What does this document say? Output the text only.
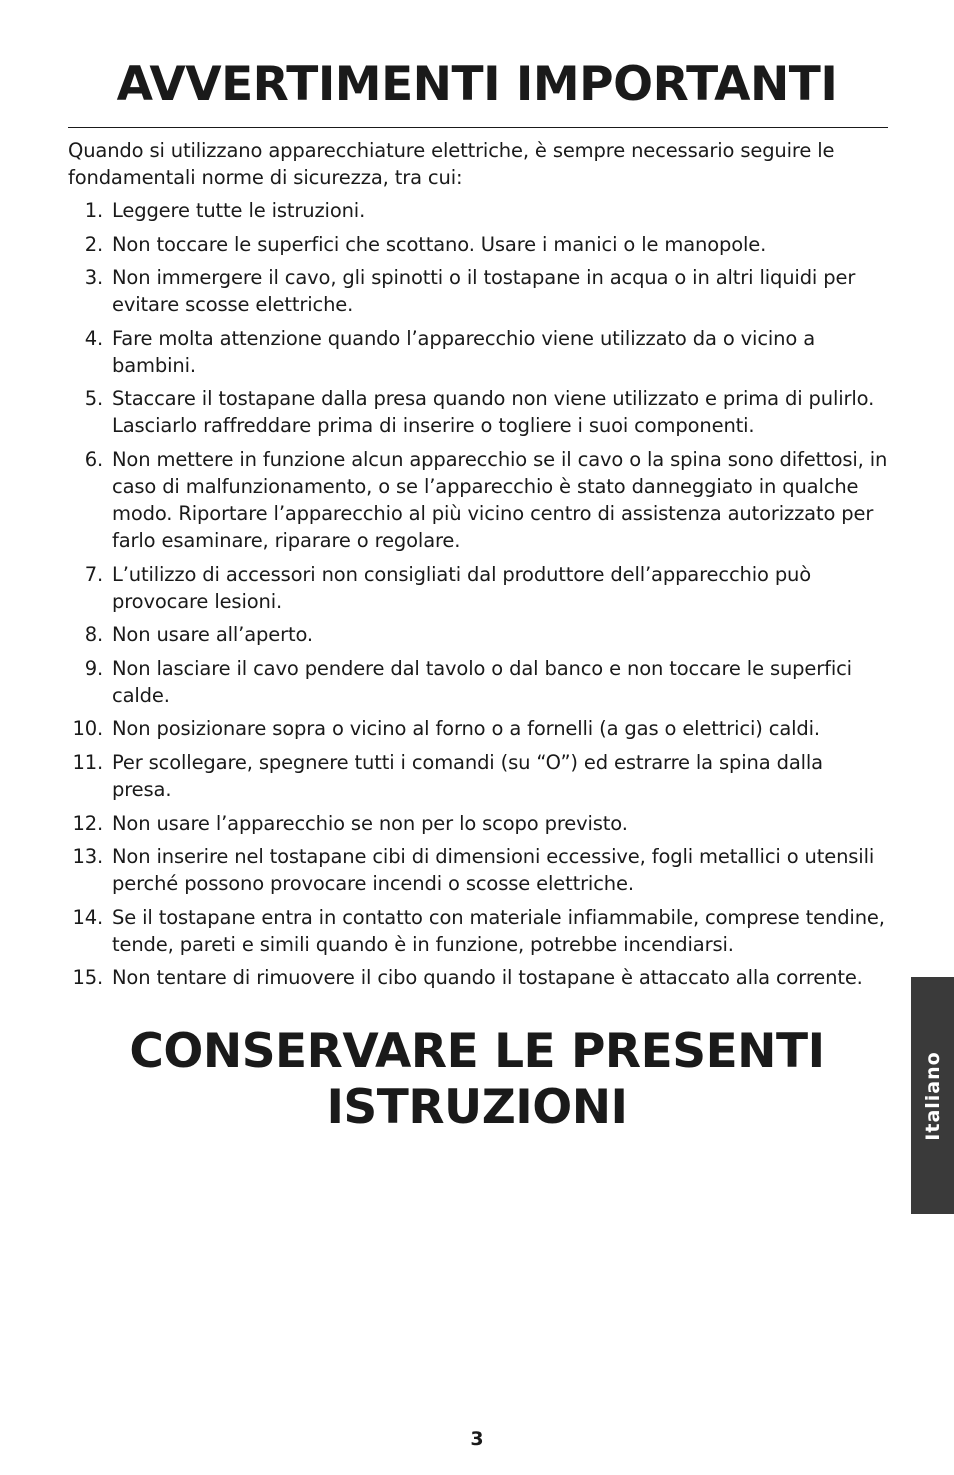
AVVERTIMENTI IMPORTANTI

Quando si utilizzano apparecchiature elettriche, è sempre necessario seguire le fondamentali norme di sicurezza, tra cui:

1. Leggere tutte le istruzioni.
2. Non toccare le superfici che scottano. Usare i manici o le manopole.
3. Non immergere il cavo, gli spinotti o il tostapane in acqua o in altri liquidi per evitare scosse elettriche.
4. Fare molta attenzione quando l’apparecchio viene utilizzato da o vicino a bambini.
5. Staccare il tostapane dalla presa quando non viene utilizzato e prima di pulirlo. Lasciarlo raffreddare prima di inserire o togliere i suoi componenti.
6. Non mettere in funzione alcun apparecchio se il cavo o la spina sono difettosi, in caso di malfunzionamento, o se l’apparecchio è stato danneggiato in qualche modo. Riportare l’apparecchio al più vicino centro di assistenza autorizzato per farlo esaminare, riparare o regolare.
7. L’utilizzo di accessori non consigliati dal produttore dell’apparecchio può provocare lesioni.
8. Non usare all’aperto.
9. Non lasciare il cavo pendere dal tavolo o dal banco e non toccare le superfici calde.
10. Non posizionare sopra o vicino al forno o a fornelli (a gas o elettrici) caldi.
11. Per scollegare, spegnere tutti i comandi (su “O”) ed estrarre la spina dalla presa.
12. Non usare l’apparecchio se non per lo scopo previsto.
13. Non inserire nel tostapane cibi di dimensioni eccessive, fogli metallici o utensili perché possono provocare incendi o scosse elettriche.
14. Se il tostapane entra in contatto con materiale infiammabile, comprese tendine, tende, pareti e simili quando è in funzione, potrebbe incendiarsi.
15. Non tentare di rimuovere il cibo quando il tostapane è attaccato alla corrente.
CONSERVARE LE PRESENTI
ISTRUZIONI	Italiano
3
